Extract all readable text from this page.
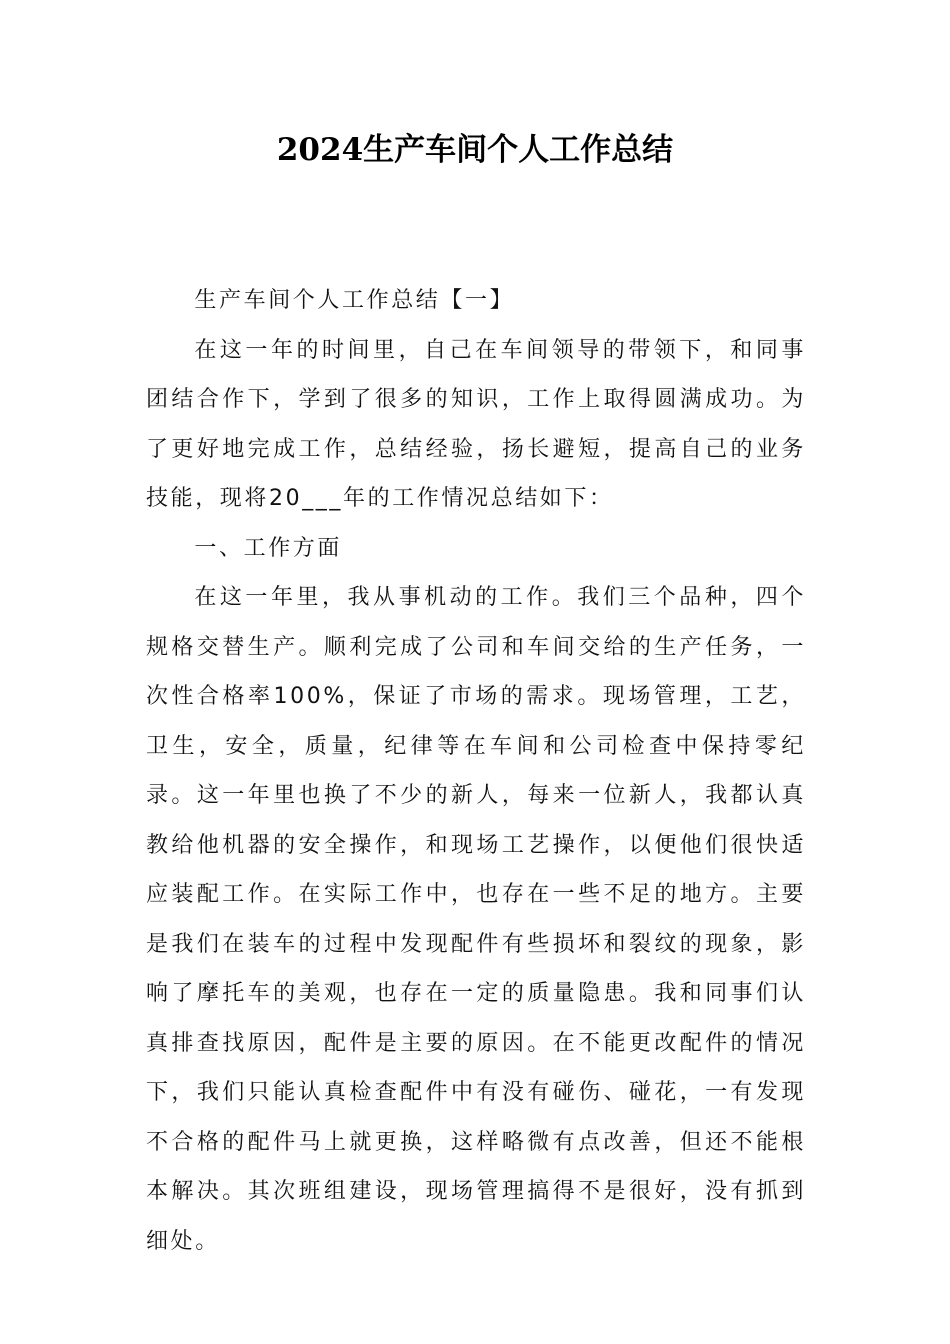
2024生产车间个人工作总结

生产车间个人工作总结【一】

在这一年的时间里，自己在车间领导的带领下，和同事团结合作下，学到了很多的知识，工作上取得圆满成功。为了更好地完成工作，总结经验，扬长避短，提高自己的业务技能，现将20___年的工作情况总结如下：

一、工作方面

在这一年里，我从事机动的工作。我们三个品种，四个规格交替生产。顺利完成了公司和车间交给的生产任务，一次性合格率100%，保证了市场的需求。现场管理，工艺，卫生，安全，质量，纪律等在车间和公司检查中保持零纪录。这一年里也换了不少的新人，每来一位新人，我都认真教给他机器的安全操作，和现场工艺操作，以便他们很快适应装配工作。在实际工作中，也存在一些不足的地方。主要是我们在装车的过程中发现配件有些损坏和裂纹的现象，影响了摩托车的美观，也存在一定的质量隐患。我和同事们认真排查找原因，配件是主要的原因。在不能更改配件的情况下，我们只能认真检查配件中有没有碰伤、碰花，一有发现不合格的配件马上就更换，这样略微有点改善，但还不能根本解决。其次班组建设，现场管理搞得不是很好，没有抓到细处。
